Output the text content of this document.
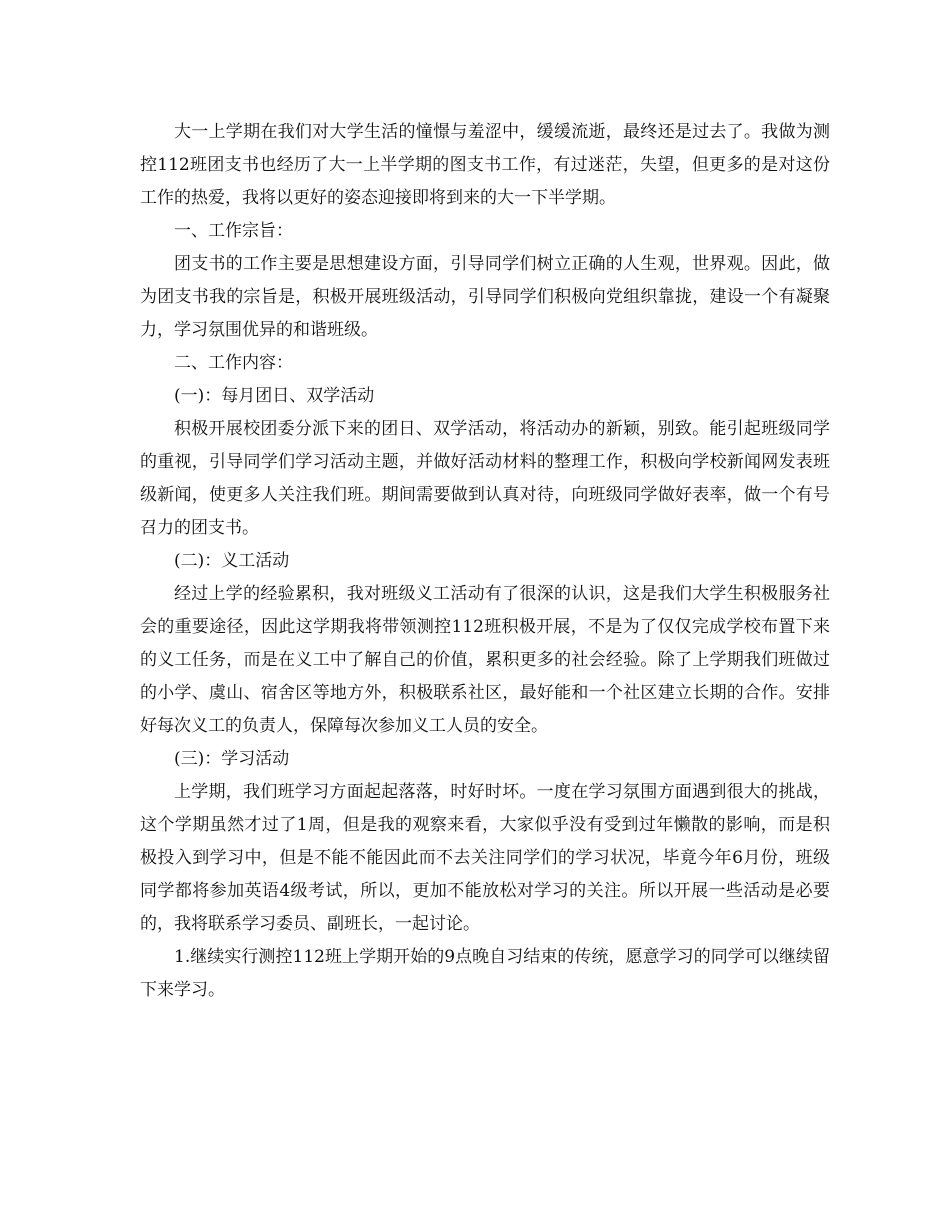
大一上学期在我们对大学生活的憧憬与羞涩中，缓缓流逝，最终还是过去了。我做为测控112班团支书也经历了大一上半学期的图支书工作，有过迷茫，失望，但更多的是对这份工作的热爱，我将以更好的姿态迎接即将到来的大一下半学期。

一、工作宗旨：

团支书的工作主要是思想建设方面，引导同学们树立正确的人生观，世界观。因此，做为团支书我的宗旨是，积极开展班级活动，引导同学们积极向党组织靠拢，建设一个有凝聚力，学习氛围优异的和谐班级。

二、工作内容：

(一)：每月团日、双学活动

积极开展校团委分派下来的团日、双学活动，将活动办的新颖，别致。能引起班级同学的重视，引导同学们学习活动主题，并做好活动材料的整理工作，积极向学校新闻网发表班级新闻，使更多人关注我们班。期间需要做到认真对待，向班级同学做好表率，做一个有号召力的团支书。

(二)：义工活动

经过上学的经验累积，我对班级义工活动有了很深的认识，这是我们大学生积极服务社会的重要途径，因此这学期我将带领测控112班积极开展，不是为了仅仅完成学校布置下来的义工任务，而是在义工中了解自己的价值，累积更多的社会经验。除了上学期我们班做过的小学、虞山、宿舍区等地方外，积极联系社区，最好能和一个社区建立长期的合作。安排好每次义工的负责人，保障每次参加义工人员的安全。

(三)：学习活动

上学期，我们班学习方面起起落落，时好时坏。一度在学习氛围方面遇到很大的挑战，这个学期虽然才过了1周，但是我的观察来看，大家似乎没有受到过年懒散的影响，而是积极投入到学习中，但是不能不能因此而不去关注同学们的学习状况，毕竟今年6月份，班级同学都将参加英语4级考试，所以，更加不能放松对学习的关注。所以开展一些活动是必要的，我将联系学习委员、副班长，一起讨论。

1.继续实行测控112班上学期开始的9点晚自习结束的传统，愿意学习的同学可以继续留下来学习。
